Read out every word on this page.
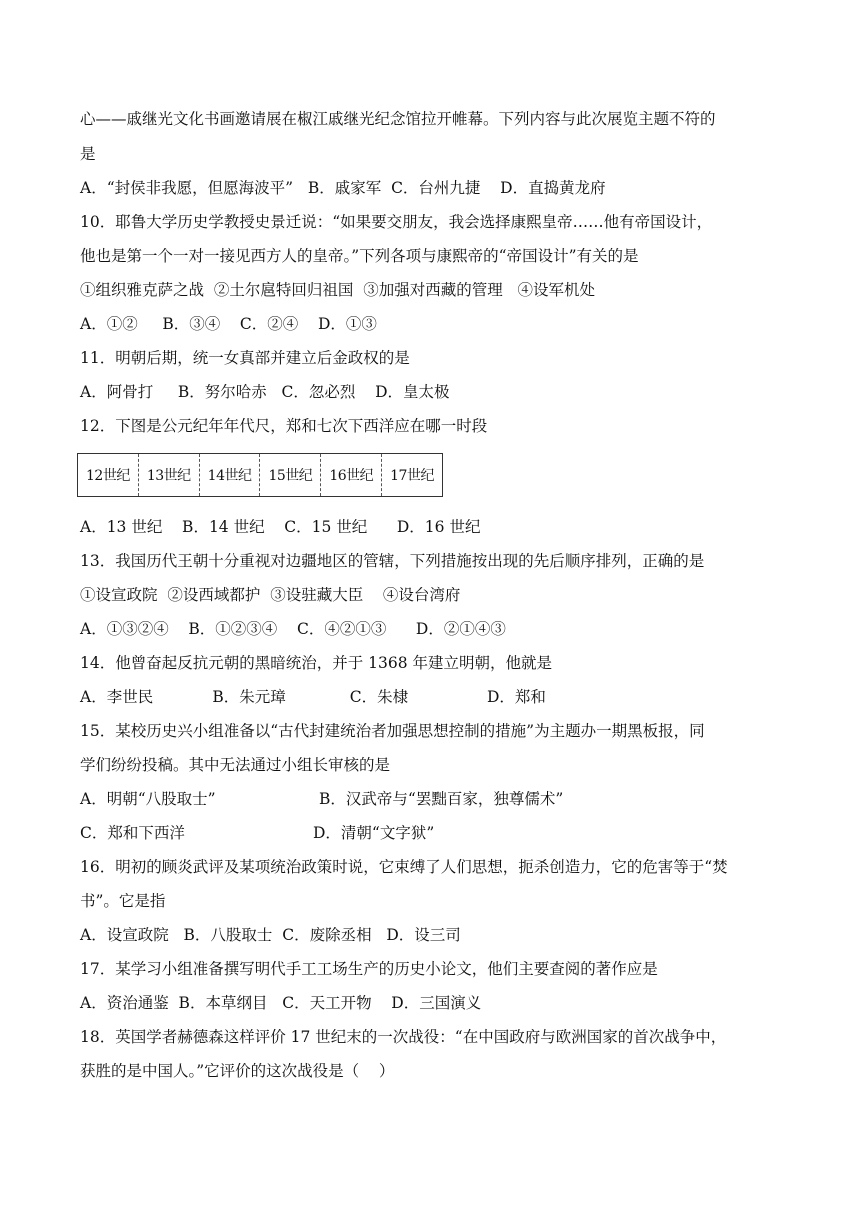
心——戚继光文化书画邀请展在椒江戚继光纪念馆拉开帷幕。下列内容与此次展览主题不符的
是
A．“封侯非我愿，但愿海波平”   B．戚家军  C．台州九捷    D．直捣黄龙府
10．耶鲁大学历史学教授史景迁说：“如果要交朋友，我会选择康熙皇帝……他有帝国设计，
他也是第一个一对一接见西方人的皇帝。”下列各项与康熙帝的“帝国设计”有关的是
①组织雅克萨之战  ②土尔扈特回归祖国  ③加强对西藏的管理   ④设军机处
A．①②     B．③④    C．②④    D．①③
11．明朝后期，统一女真部并建立后金政权的是
A．阿骨打     B．努尔哈赤   C．忽必烈    D．皇太极
12．下图是公元纪年年代尺，郑和七次下西洋应在哪一时段
12世纪	13世纪	14世纪	15世纪	16世纪	17世纪
A．13 世纪    B．14 世纪    C．15 世纪      D．16 世纪
13．我国历代王朝十分重视对边疆地区的管辖，下列措施按出现的先后顺序排列，正确的是
①设宣政院  ②设西域都护  ③设驻藏大臣    ④设台湾府
A．①③②④    B．①②③④    C．④②①③      D．②①④③
14．他曾奋起反抗元朝的黑暗统治，并于 1368 年建立明朝，他就是
A．李世民            B．朱元璋             C．朱棣                D．郑和
15．某校历史兴小组准备以“古代封建统治者加强思想控制的措施”为主题办一期黑板报，同
学们纷纷投稿。其中无法通过小组长审核的是
A．明朝“八股取士”                     B．汉武帝与“罢黜百家，独尊儒术”
C．郑和下西洋                          D．清朝“文字狱”
16．明初的顾炎武评及某项统治政策时说，它束缚了人们思想，扼杀创造力，它的危害等于“焚
书”。它是指
A．设宣政院   B．八股取士  C．废除丞相   D．设三司
17．某学习小组准备撰写明代手工工场生产的历史小论文，他们主要查阅的著作应是
A．资治通鉴  B．本草纲目   C．天工开物    D．三国演义
18．英国学者赫德森这样评价 17 世纪末的一次战役：“在中国政府与欧洲国家的首次战争中，
获胜的是中国人。”它评价的这次战役是（    ）
